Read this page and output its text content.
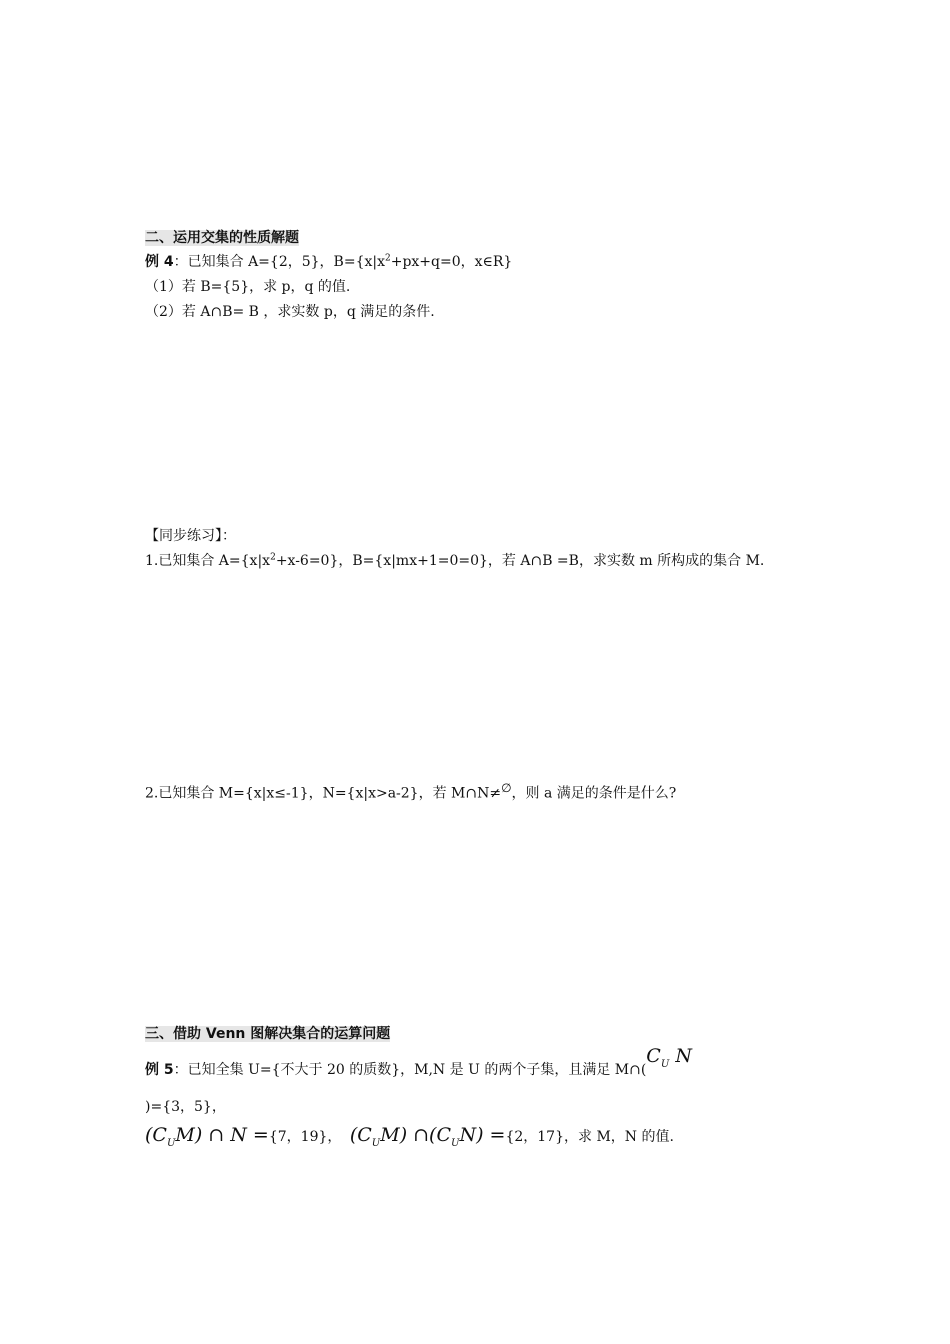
二、运用交集的性质解题
例 4：已知集合 A={2，5}，$B=\{x|x^2+px+q=0$，x∈R}
（1）若 B={5}，求 p，q 的值.
（2）若 A∩B= B ，求实数 p，q 满足的条件.
【同步练习】：
1.已知集合 $A=\{x|x^2+x-6=0\}$，B={x|mx+1=0=0}，若 A∩B =B，求实数 m 所构成的集合 M.
2.已知集合 M={x|x≤-1}，N={x|x>a-2}，若 M∩N≠∅，则 a 满足的条件是什么?
三、借助 Venn 图解决集合的运算问题
例 5：已知全集 U={不大于 20 的质数}，M,N 是 U 的两个子集，且满足 $M\cap(C_U$ N
)={3，5}，
$(C_UM)$ ∩ N ={7，19}， $(C_UM)$ $\cap(C_UN) =\{2$，17}，求 M，N 的值.
